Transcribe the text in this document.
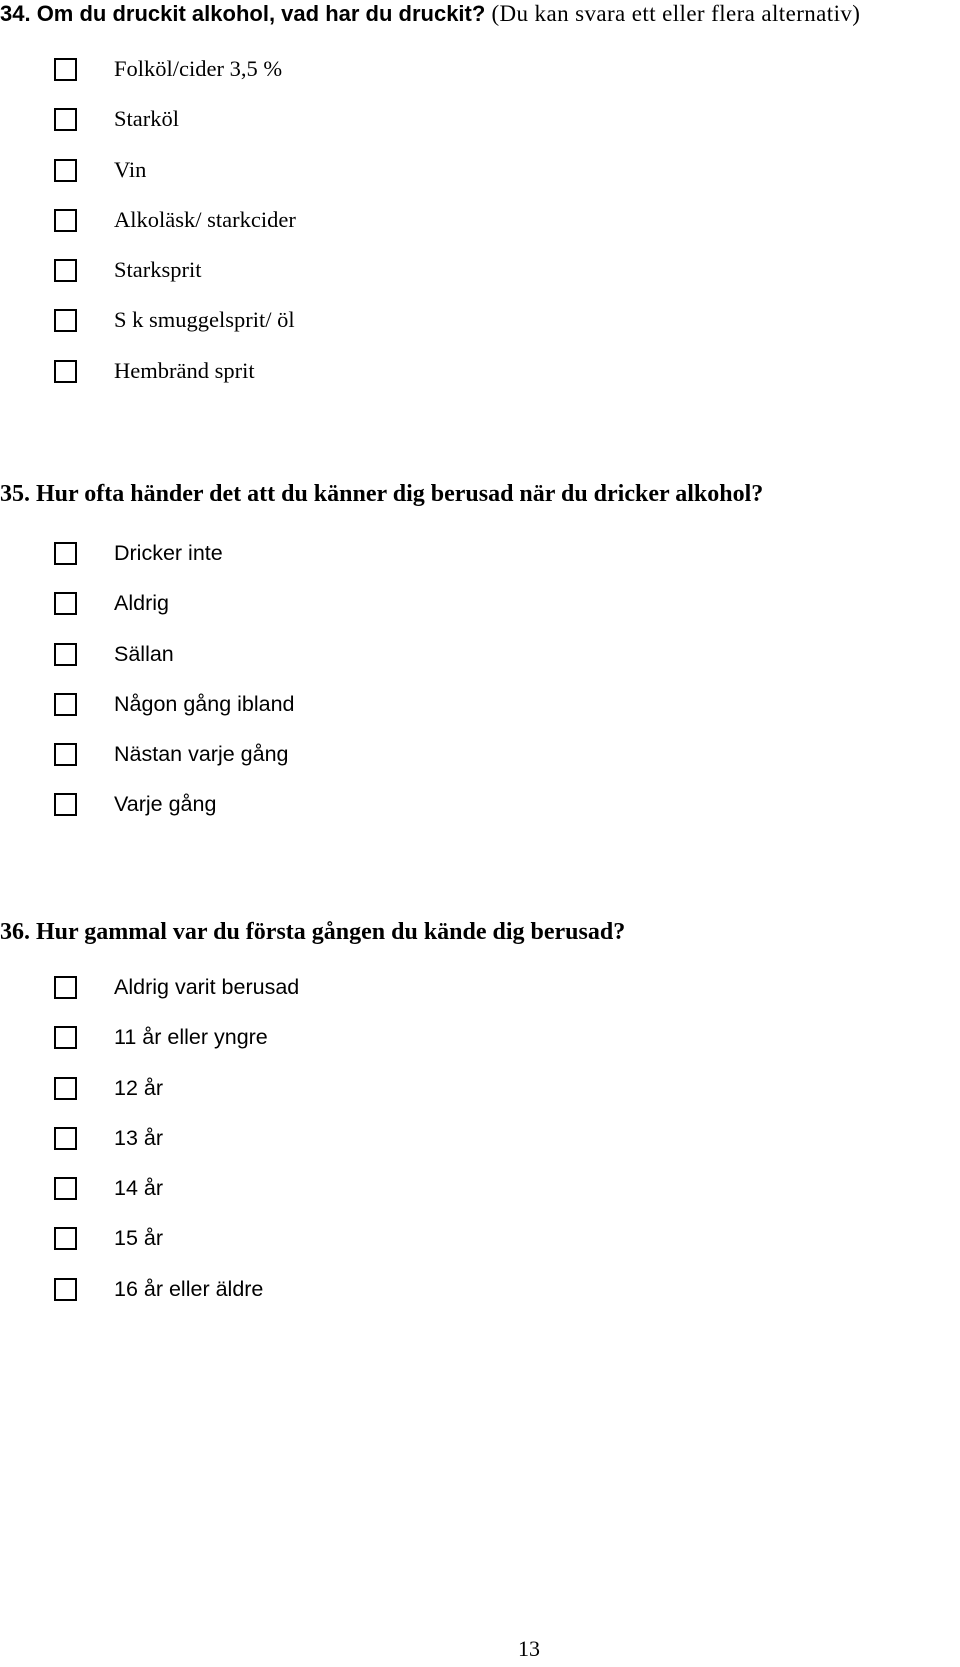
34. Om du druckit alkohol, vad har du druckit? (Du kan svara ett eller flera alternativ)
Folköl/cider 3,5 %
Starköl
Vin
Alkoläsk/ starkcider
Starksprit
S k smuggelsprit/ öl
Hembränd sprit
35. Hur ofta händer det att du känner dig berusad när du dricker alkohol?
Dricker inte
Aldrig
Sällan
Någon gång ibland
Nästan varje gång
Varje gång
36. Hur gammal var du första gången du kände dig berusad?
Aldrig varit berusad
11 år eller yngre
12 år
13 år
14 år
15 år
16 år eller äldre
13
